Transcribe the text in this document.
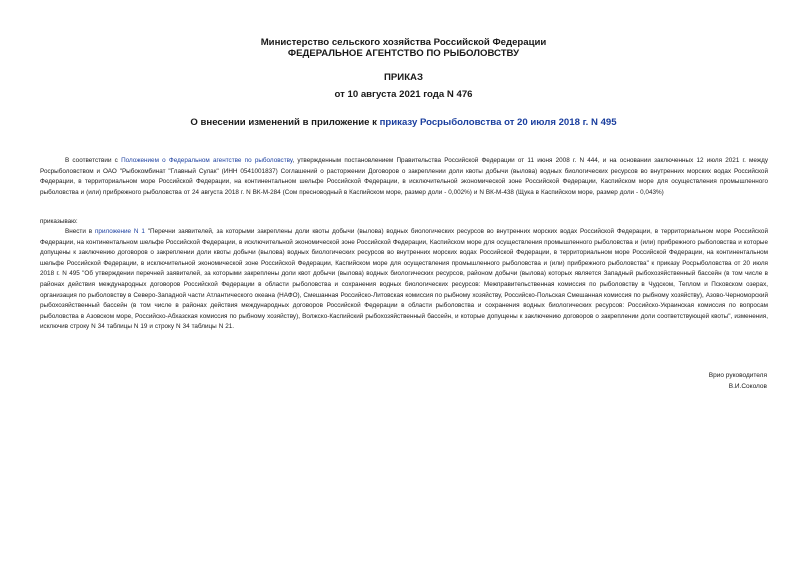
Министерство сельского хозяйства Российской Федерации
ФЕДЕРАЛЬНОЕ АГЕНТСТВО ПО РЫБОЛОВСТВУ
ПРИКАЗ
от 10 августа 2021 года N 476
О внесении изменений в приложение к приказу Росрыболовства от 20 июля 2018 г. N 495
В соответствии с Положением о Федеральном агентстве по рыболовству, утвержденным постановлением Правительства Российской Федерации от 11 июня 2008 г. N 444, и на основании заключенных 12 июля 2021 г. между Росрыболовством и ОАО "Рыбокомбинат "Главный Сулак" (ИНН 0541001837) Соглашений о расторжении Договоров о закреплении доли квоты добычи (вылова) водных биологических ресурсов во внутренних морских водах Российской Федерации, в территориальном море Российской Федерации, на континентальном шельфе Российской Федерации, в исключительной экономической зоне Российской Федерации, Каспийском море для осуществления промышленного рыболовства и (или) прибрежного рыболовства от 24 августа 2018 г. N ВК-М-284 (Сом пресноводный в Каспийском море, размер доли - 0,002%) и N ВК-М-438 (Щука в Каспийском море, размер доли - 0,043%)
приказываю:
Внести в приложение N 1 "Перечни заявителей, за которыми закреплены доли квоты добычи (вылова) водных биологических ресурсов во внутренних морских водах Российской Федерации, в территориальном море Российской Федерации, на континентальном шельфе Российской Федерации, в исключительной экономической зоне Российской Федерации, Каспийском море для осуществления промышленного рыболовства и (или) прибрежного рыболовства и которые допущены к заключению договоров о закреплении доли квоты добычи (вылова) водных биологических ресурсов во внутренних морских водах Российской Федерации, в территориальном море Российской Федерации, на континентальном шельфе Российской Федерации, в исключительной экономической зоне Российской Федерации, Каспийском море для осуществления промышленного рыболовства и (или) прибрежного рыболовства" к приказу Росрыболовства от 20 июля 2018 г. N 495 "Об утверждении перечней заявителей, за которыми закреплены доли квот добычи (вылова) водных биологических ресурсов, районом добычи (вылова) которых является Западный рыбохозяйственный бассейн (в том числе в районах действия международных договоров Российской Федерации в области рыболовства и сохранения водных биологических ресурсов: Межправительственная комиссия по рыболовству в Чудском, Теплом и Псковском озерах, организация по рыболовству в Северо-Западной части Атлантического океана (НАФО), Смешанная Российско-Литовская комиссия по рыбному хозяйству, Российско-Польская Смешанная комиссия по рыбному хозяйству), Азово-Черноморский рыбохозяйственный бассейн (в том числе в районах действия международных договоров Российской Федерации в области рыболовства и сохранения водных биологических ресурсов: Российско-Украинская комиссия по вопросам рыболовства в Азовском море, Российско-Абхазская комиссия по рыбному хозяйству), Волжско-Каспийский рыбохозяйственный бассейн, и которые допущены к заключению договоров о закреплении доли соответствующей квоты", изменения, исключив строку N 34 таблицы N 19 и строку N 34 таблицы N 21.
Врио руководителя
В.И.Соколов
